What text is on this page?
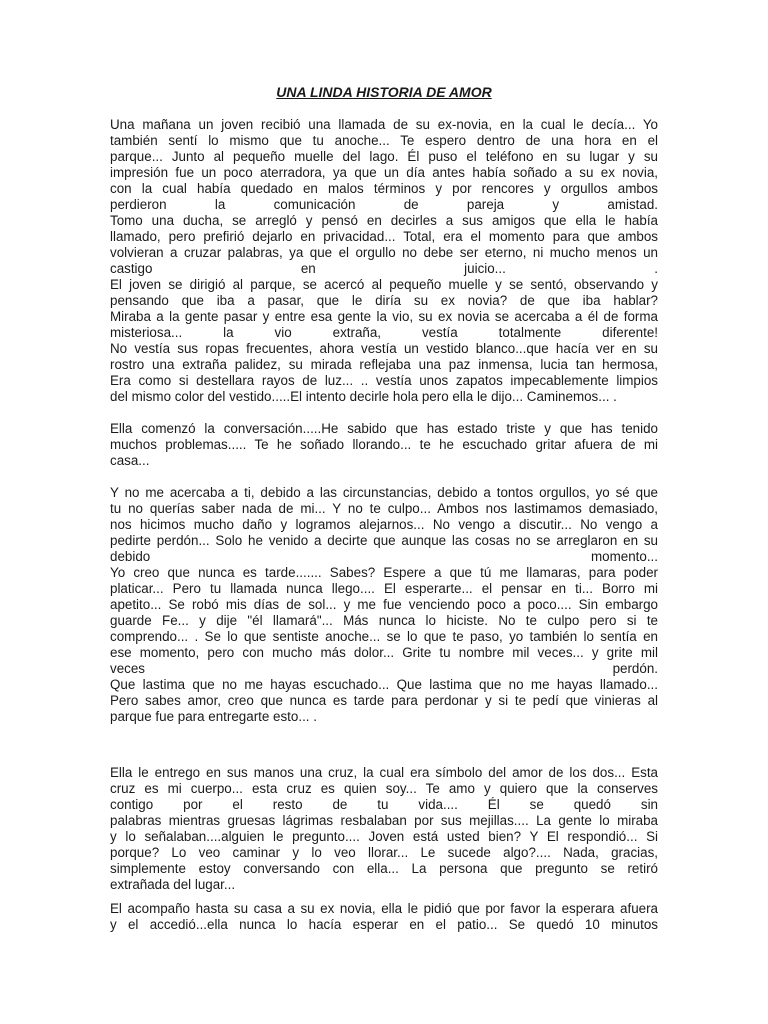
UNA LINDA HISTORIA DE AMOR
Una mañana un joven recibió una llamada de su ex-novia, en la cual le decía... Yo
también sentí lo mismo que tu anoche... Te espero dentro de una hora en el
parque... Junto al pequeño muelle del lago. Él puso el teléfono en su lugar y su
impresión fue un poco aterradora, ya que un día antes había soñado a su ex novia,
con la cual había quedado en malos términos y por rencores y orgullos ambos
perdieron la comunicación de pareja y amistad.
Tomo una ducha, se arregló y pensó en decirles a sus amigos que ella le había
llamado, pero prefirió dejarlo en privacidad... Total, era el momento para que ambos
volvieran a cruzar palabras, ya que el orgullo no debe ser eterno, ni mucho menos un
castigo en juicio... .
El joven se dirigió al parque, se acercó al pequeño muelle y se sentó, observando y
pensando que iba a pasar, que le diría su ex novia? de que iba hablar?
Miraba a la gente pasar y entre esa gente la vio, su ex novia se acercaba a él de forma
misteriosa... la vio extraña, vestía totalmente diferente!
No vestía sus ropas frecuentes, ahora vestía un vestido blanco...que hacía ver en su
rostro una extraña palidez, su mirada reflejaba una paz inmensa, lucia tan hermosa,
Era como si destellara rayos de luz... .. vestía unos zapatos impecablemente limpios
del mismo color del vestido.....El intento decirle hola pero ella le dijo... Caminemos... .
Ella comenzó la conversación.....He sabido que has estado triste y que has tenido
muchos problemas..... Te he soñado llorando... te he escuchado gritar afuera de mi
casa...
Y no me acercaba a ti, debido a las circunstancias, debido a tontos orgullos, yo sé que
tu no querías saber nada de mi... Y no te culpo... Ambos nos lastimamos demasiado,
nos hicimos mucho daño y logramos alejarnos... No vengo a discutir... No vengo a
pedirte perdón... Solo he venido a decirte que aunque las cosas no se arreglaron en su
debido momento...
Yo creo que nunca es tarde....... Sabes? Espere a que tú me llamaras, para poder
platicar... Pero tu llamada nunca llego.... El esperarte... el pensar en ti... Borro mi
apetito... Se robó mis días de sol... y me fue venciendo poco a poco.... Sin embargo
guarde Fe... y dije "él llamará"... Más nunca lo hiciste. No te culpo pero si te
comprendo... . Se lo que sentiste anoche... se lo que te paso, yo también lo sentía en
ese momento, pero con mucho más dolor... Grite tu nombre mil veces... y grite mil
veces perdón.
Que lastima que no me hayas escuchado... Que lastima que no me hayas llamado...
Pero sabes amor, creo que nunca es tarde para perdonar y si te pedí que vinieras al
parque fue para entregarte esto... .
Ella le entrego en sus manos una cruz, la cual era símbolo del amor de los dos... Esta
cruz es mi cuerpo... esta cruz es quien soy... Te amo y quiero que la conserves
contigo por el resto de tu vida.... Él se quedó sin
palabras mientras gruesas lágrimas resbalaban por sus mejillas.... La gente lo miraba
y lo señalaban....alguien le pregunto.... Joven está usted bien? Y El respondió... Si
porque? Lo veo caminar y lo veo llorar... Le sucede algo?.... Nada, gracias,
simplemente estoy conversando con ella... La persona que pregunto se retiró
extrañada del lugar...
El acompaño hasta su casa a su ex novia, ella le pidió que por favor la esperara afuera
y el accedió...ella nunca lo hacía esperar en el patio... Se quedó 10 minutos
